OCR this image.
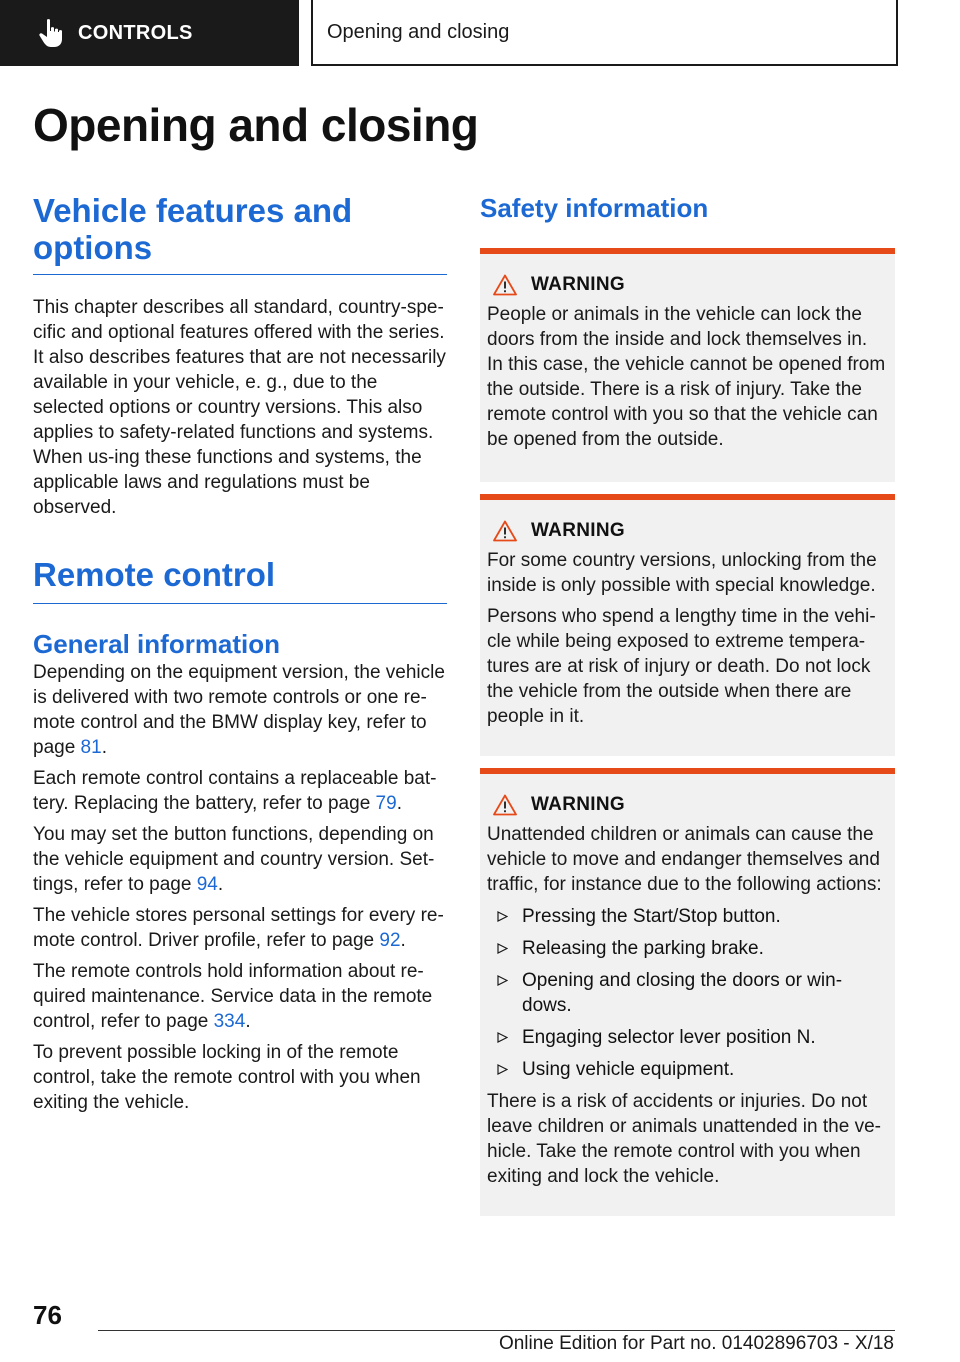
CONTROLS	Opening and closing
Opening and closing
Vehicle features and options

This chapter describes all standard, country-spe‐cific and optional features offered with the series. It also describes features that are not necessarily available in your vehicle, e. g., due to the selected options or country versions. This also applies to safety-related functions and systems. When us‐ing these functions and systems, the applicable laws and regulations must be observed.

Remote control
General information

Depending on the equipment version, the vehicle is delivered with two remote controls or one re‐mote control and the BMW display key, refer to page 81.

Each remote control contains a replaceable bat‐tery. Replacing the battery, refer to page 79.

You may set the button functions, depending on the vehicle equipment and country version. Set‐tings, refer to page 94.

The vehicle stores personal settings for every re‐mote control. Driver profile, refer to page 92.

The remote controls hold information about re‐quired maintenance. Service data in the remote control, refer to page 334.

To prevent possible locking in of the remote control, take the remote control with you when exiting the vehicle.

Safety information
WARNING

People or animals in the vehicle can lock the doors from the inside and lock themselves in. In this case, the vehicle cannot be opened from the outside. There is a risk of injury. Take the remote control with you so that the vehicle can be opened from the outside.

WARNING

For some country versions, unlocking from the inside is only possible with special knowledge.

Persons who spend a lengthy time in the vehi‐cle while being exposed to extreme tempera‐tures are at risk of injury or death. Do not lock the vehicle from the outside when there are people in it.

WARNING

Unattended children or animals can cause the vehicle to move and endanger themselves and traffic, for instance due to the following actions:

Pressing the Start/Stop button.
Releasing the parking brake.
Opening and closing the doors or win‐dows.
Engaging selector lever position N.
Using vehicle equipment.

There is a risk of accidents or injuries. Do not leave children or animals unattended in the ve‐hicle. Take the remote control with you when exiting and lock the vehicle.

76
Online Edition for Part no. 01402896703 - X/18
